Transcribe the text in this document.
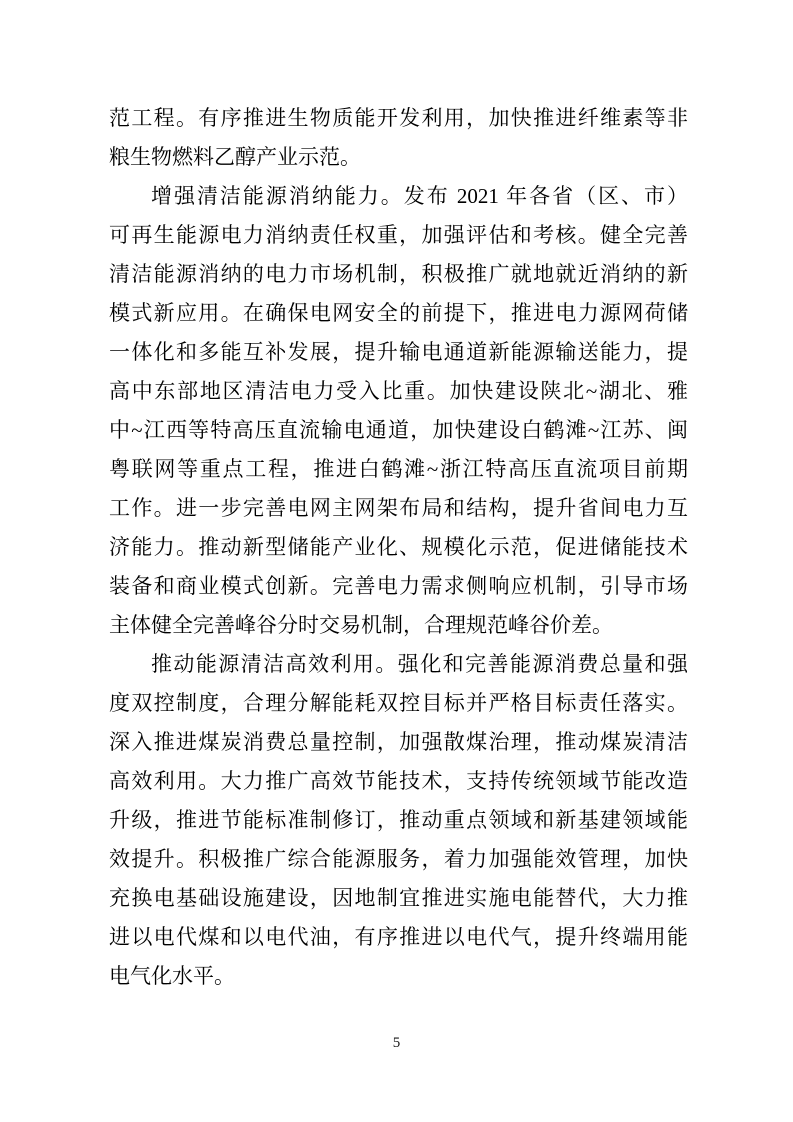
范工程。有序推进生物质能开发利用，加快推进纤维素等非
粮生物燃料乙醇产业示范。
增强清洁能源消纳能力。发布 2021 年各省（区、市）
可再生能源电力消纳责任权重，加强评估和考核。健全完善
清洁能源消纳的电力市场机制，积极推广就地就近消纳的新
模式新应用。在确保电网安全的前提下，推进电力源网荷储
一体化和多能互补发展，提升输电通道新能源输送能力，提
高中东部地区清洁电力受入比重。加快建设陕北~湖北、雅
中~江西等特高压直流输电通道，加快建设白鹤滩~江苏、闽
粤联网等重点工程，推进白鹤滩~浙江特高压直流项目前期
工作。进一步完善电网主网架布局和结构，提升省间电力互
济能力。推动新型储能产业化、规模化示范，促进储能技术
装备和商业模式创新。完善电力需求侧响应机制，引导市场
主体健全完善峰谷分时交易机制，合理规范峰谷价差。
推动能源清洁高效利用。强化和完善能源消费总量和强
度双控制度，合理分解能耗双控目标并严格目标责任落实。
深入推进煤炭消费总量控制，加强散煤治理，推动煤炭清洁
高效利用。大力推广高效节能技术，支持传统领域节能改造
升级，推进节能标准制修订，推动重点领域和新基建领域能
效提升。积极推广综合能源服务，着力加强能效管理，加快
充换电基础设施建设，因地制宜推进实施电能替代，大力推
进以电代煤和以电代油，有序推进以电代气，提升终端用能
电气化水平。
5
